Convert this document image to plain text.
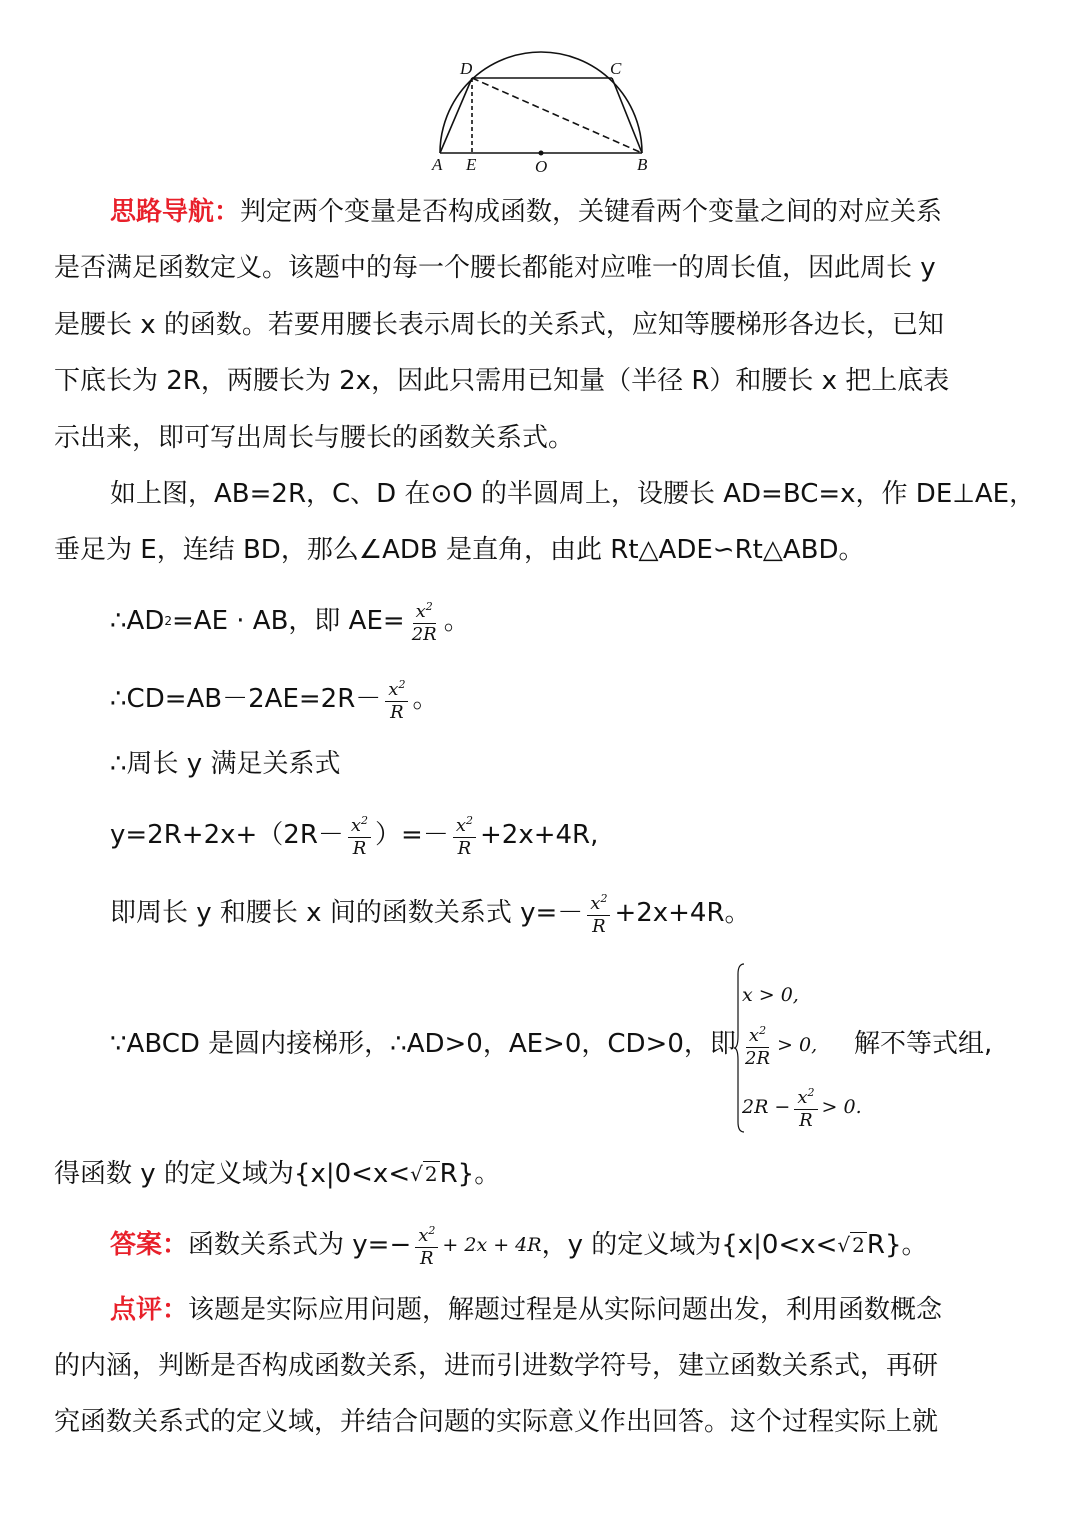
A E	O	B
D	C
思路导航：判定两个变量是否构成函数，关键看两个变量之间的对应关系
是否满足函数定义。该题中的每一个腰长都能对应唯一的周长值，因此周长 y
是腰长 x 的函数。若要用腰长表示周长的关系式，应知等腰梯形各边长，已知
下底长为 2R，两腰长为 2x，因此只需用已知量（半径 R）和腰长 x 把上底表
示出来，即可写出周长与腰长的函数关系式。
如上图，AB=2R，C、D 在⊙O 的半圆周上，设腰长 AD=BC=x，作 DE⊥AE，
垂足为 E，连结 BD，那么∠ADB 是直角，由此 Rt△ADE∽Rt△ABD。
∴AD 2 =AE · AB，即 $AE= \frac{x^2}{2R}$ 。
∴CD=AB－2AE=2R－ $\frac{x^2}{R}$ 。
∴周长 y 满足关系式
$y=2R+2x+(2R- \frac{x^2}{R}$ ）=－ $\frac{x^2}{R} +2x+4R$,
即周长 y 和腰长 x 间的函数关系式 $y=- \frac{x^2}{R} +2x+4R$。
∵ABCD 是圆内接梯形，∴AD>0，AE>0，CD>0，即	解不等式组,
x > 0,
$\frac{x^2}{2R} > 0$,
$2R - \frac{x^2}{R} > 0$.
得函数 y 的定义域为{x|0<x< √ 2 R}。
答案： 函数关系式为 $y=- \frac{x^2}{R} + 2x + 4R$ ，y 的定义域为{x|0<x< √ 2 R}。
点评：该题是实际应用问题，解题过程是从实际问题出发，利用函数概念
的内涵，判断是否构成函数关系，进而引进数学符号，建立函数关系式，再研
究函数关系式的定义域，并结合问题的实际意义作出回答。这个过程实际上就
